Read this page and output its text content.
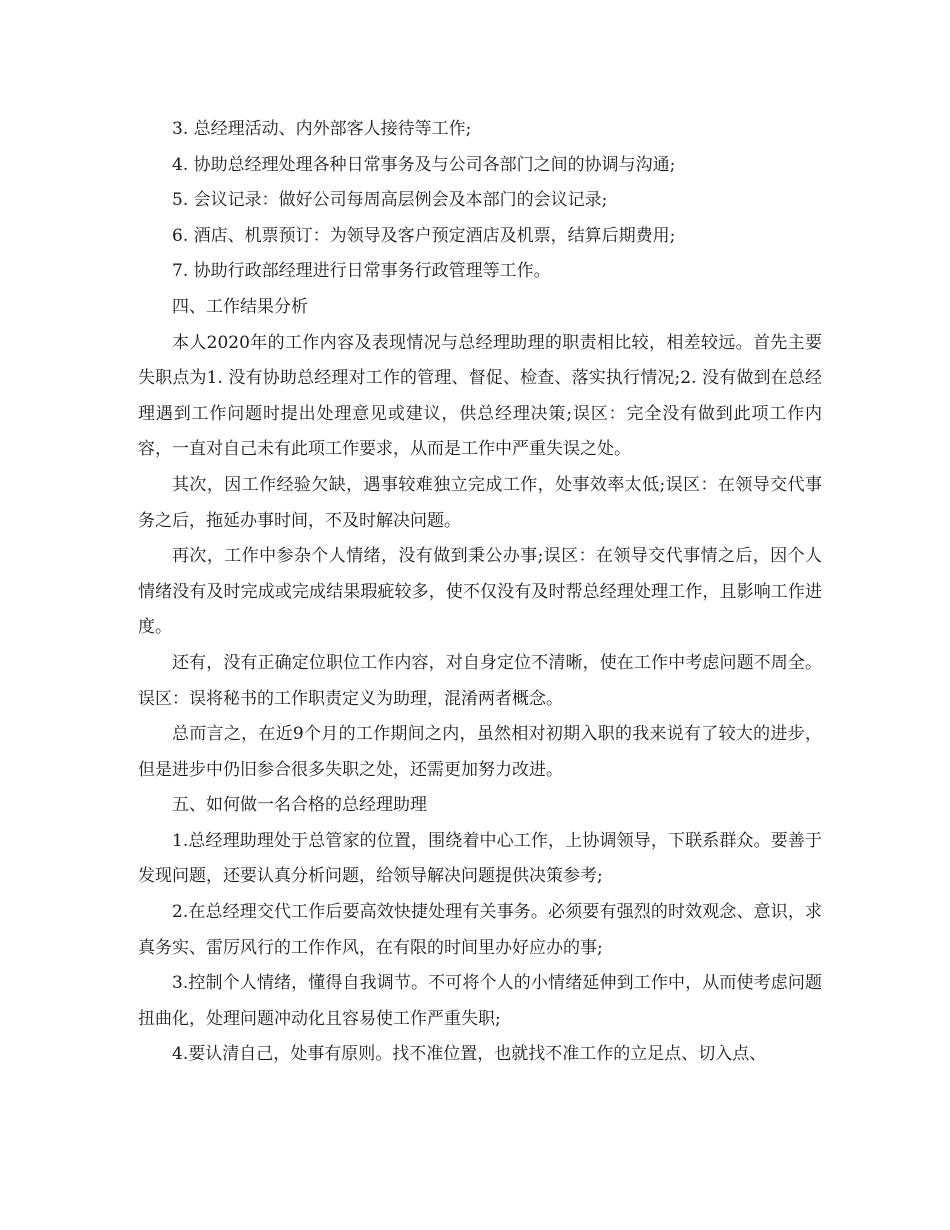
3. 总经理活动、内外部客人接待等工作;

4. 协助总经理处理各种日常事务及与公司各部门之间的协调与沟通;

5. 会议记录：做好公司每周高层例会及本部门的会议记录;

6. 酒店、机票预订：为领导及客户预定酒店及机票，结算后期费用;

7. 协助行政部经理进行日常事务行政管理等工作。

四、工作结果分析

本人2020年的工作内容及表现情况与总经理助理的职责相比较，相差较远。首先主要失职点为1. 没有协助总经理对工作的管理、督促、检查、落实执行情况;2. 没有做到在总经理遇到工作问题时提出处理意见或建议，供总经理决策;误区：完全没有做到此项工作内容，一直对自己未有此项工作要求，从而是工作中严重失误之处。

其次，因工作经验欠缺，遇事较难独立完成工作，处事效率太低;误区：在领导交代事务之后，拖延办事时间，不及时解决问题。

再次，工作中参杂个人情绪，没有做到秉公办事;误区：在领导交代事情之后，因个人情绪没有及时完成或完成结果瑕疵较多，使不仅没有及时帮总经理处理工作，且影响工作进度。

还有，没有正确定位职位工作内容，对自身定位不清晰，使在工作中考虑问题不周全。误区：误将秘书的工作职责定义为助理，混淆两者概念。

总而言之，在近9个月的工作期间之内，虽然相对初期入职的我来说有了较大的进步，但是进步中仍旧参合很多失职之处，还需更加努力改进。

五、如何做一名合格的总经理助理

1.总经理助理处于总管家的位置，围绕着中心工作，上协调领导，下联系群众。要善于发现问题，还要认真分析问题，给领导解决问题提供决策参考;

2.在总经理交代工作后要高效快捷处理有关事务。必须要有强烈的时效观念、意识，求真务实、雷厉风行的工作作风，在有限的时间里办好应办的事;

3.控制个人情绪，懂得自我调节。不可将个人的小情绪延伸到工作中，从而使考虑问题扭曲化，处理问题冲动化且容易使工作严重失职;

4.要认清自己，处事有原则。找不准位置，也就找不准工作的立足点、切入点、
